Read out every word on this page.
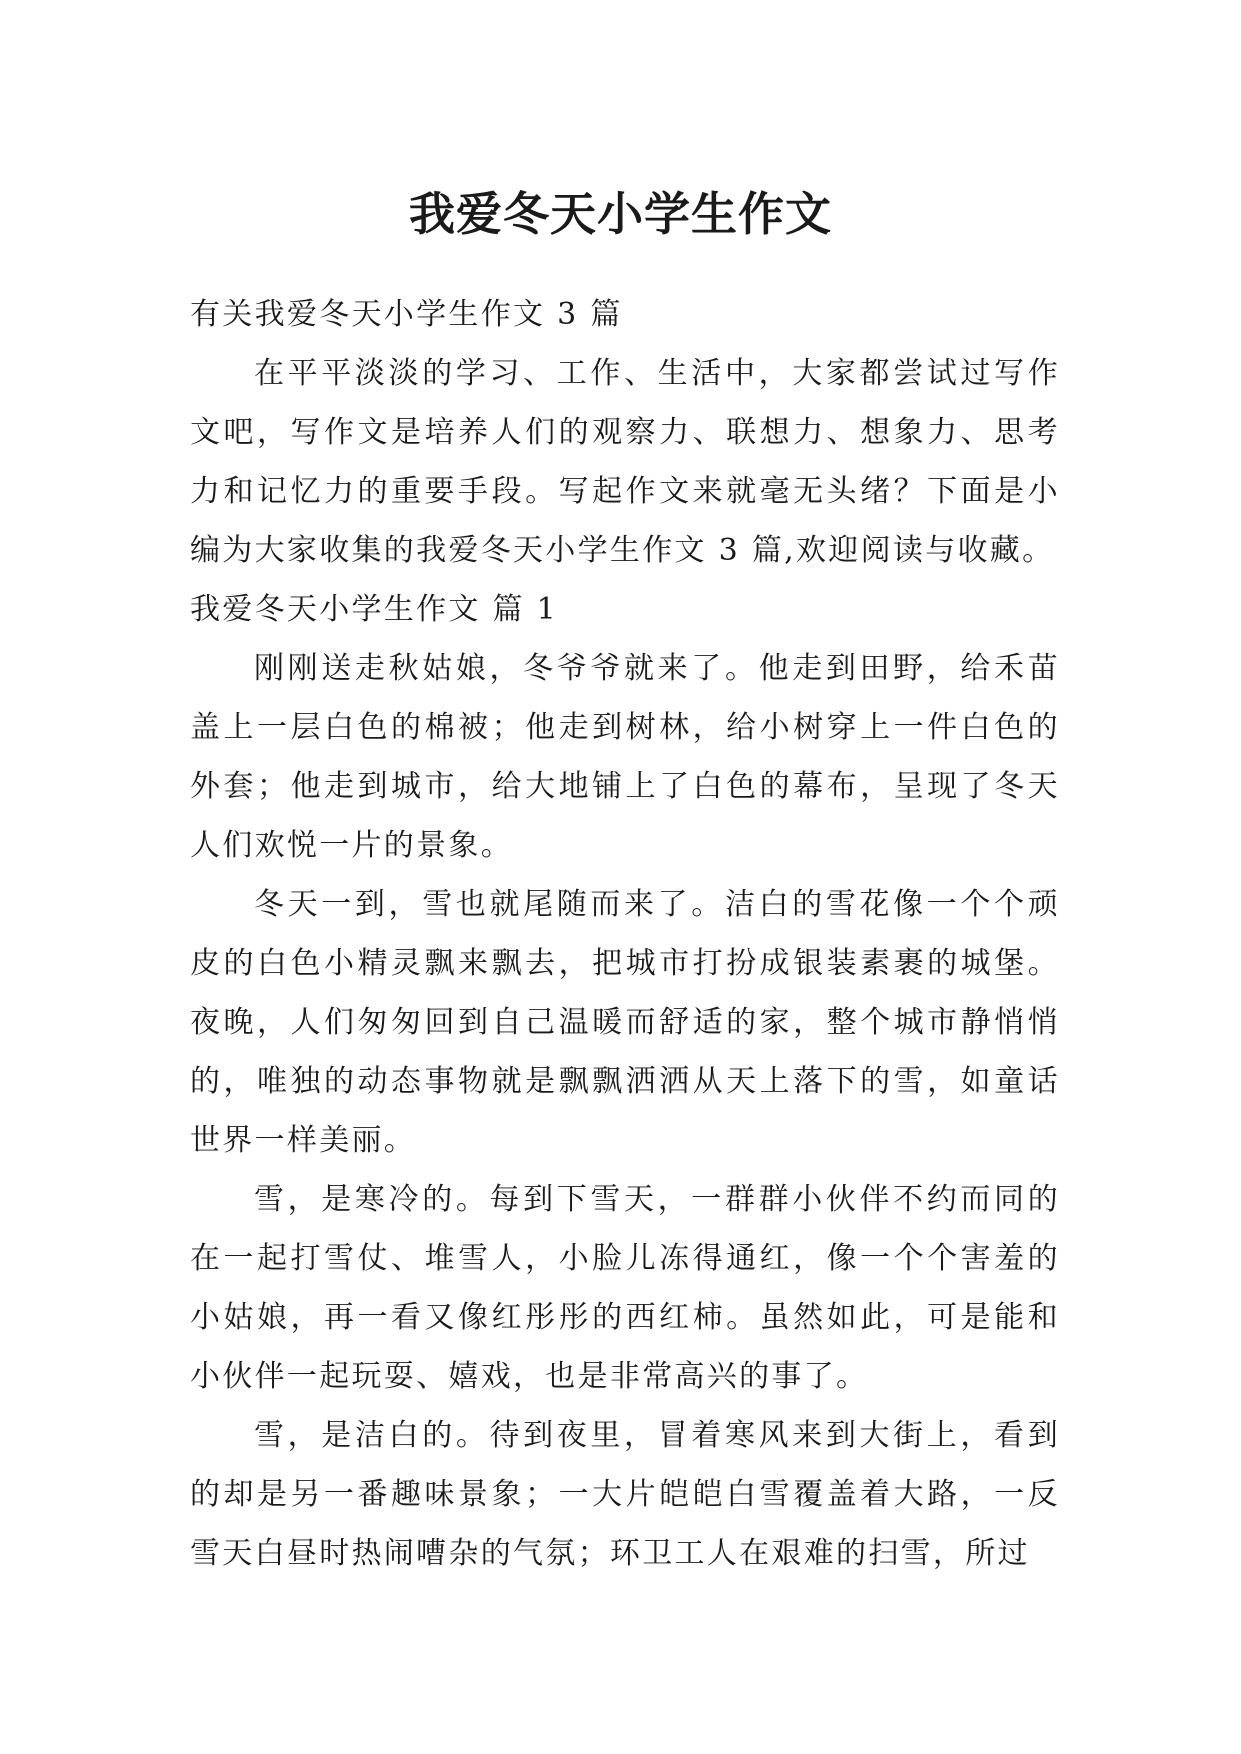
我爱冬天小学生作文

有关我爱冬天小学生作文 3 篇

在平平淡淡的学习、工作、生活中，大家都尝试过写作文吧，写作文是培养人们的观察力、联想力、想象力、思考力和记忆力的重要手段。写起作文来就毫无头绪？下面是小编为大家收集的我爱冬天小学生作文 3 篇,欢迎阅读与收藏。

我爱冬天小学生作文 篇 1

刚刚送走秋姑娘，冬爷爷就来了。他走到田野，给禾苗盖上一层白色的棉被；他走到树林，给小树穿上一件白色的外套；他走到城市，给大地铺上了白色的幕布，呈现了冬天人们欢悦一片的景象。

冬天一到，雪也就尾随而来了。洁白的雪花像一个个顽皮的白色小精灵飘来飘去，把城市打扮成银装素裹的城堡。夜晚，人们匆匆回到自己温暖而舒适的家，整个城市静悄悄的，唯独的动态事物就是飘飘洒洒从天上落下的雪，如童话世界一样美丽。

雪，是寒冷的。每到下雪天，一群群小伙伴不约而同的在一起打雪仗、堆雪人，小脸儿冻得通红，像一个个害羞的小姑娘，再一看又像红彤彤的西红柿。虽然如此，可是能和小伙伴一起玩耍、嬉戏，也是非常高兴的事了。

雪，是洁白的。待到夜里，冒着寒风来到大街上，看到的却是另一番趣味景象；一大片皑皑白雪覆盖着大路，一反雪天白昼时热闹嘈杂的气氛；环卫工人在艰难的扫雪，所过
